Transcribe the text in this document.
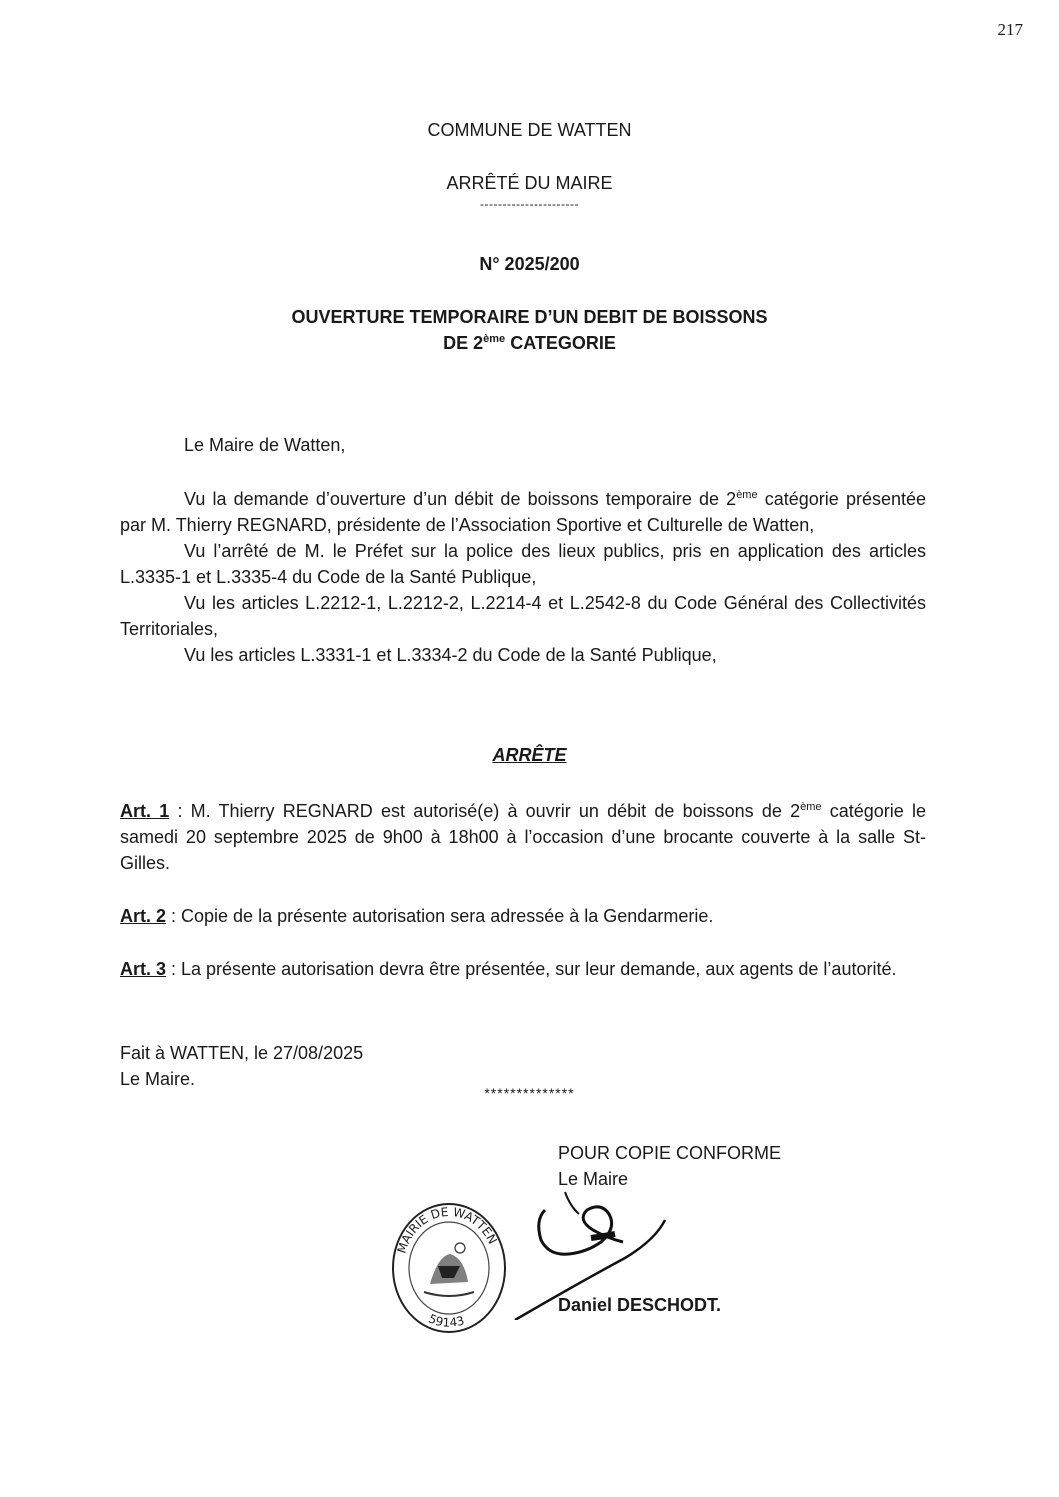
217
COMMUNE DE WATTEN
ARRÊTÉ DU MAIRE
----------------------
N° 2025/200
OUVERTURE TEMPORAIRE D’UN DEBIT DE BOISSONS
DE 2ème CATEGORIE
Le Maire de Watten,

Vu la demande d’ouverture d’un débit de boissons temporaire de 2ème catégorie présentée par M. Thierry REGNARD, présidente de l’Association Sportive et Culturelle de Watten,

Vu l’arrêté de M. le Préfet sur la police des lieux publics, pris en application des articles L.3335-1 et L.3335-4 du Code de la Santé Publique,

Vu les articles L.2212-1, L.2212-2, L.2214-4 et L.2542-8 du Code Général des Collectivités Territoriales,

Vu les articles L.3331-1 et L.3334-2 du Code de la Santé Publique,

ARRÊTE

Art. 1 : M. Thierry REGNARD est autorisé(e) à ouvrir un débit de boissons de 2ème catégorie le samedi 20 septembre 2025 de 9h00 à 18h00 à l’occasion d’une brocante couverte à la salle St-Gilles.

Art. 2 : Copie de la présente autorisation sera adressée à la Gendarmerie.

Art. 3 : La présente autorisation devra être présentée, sur leur demande, aux agents de l’autorité.

Fait à WATTEN, le 27/08/2025
Le Maire.
**************
POUR COPIE CONFORME
Le Maire
MAIRIE DE WATTEN
59143
Daniel DESCHODT.
